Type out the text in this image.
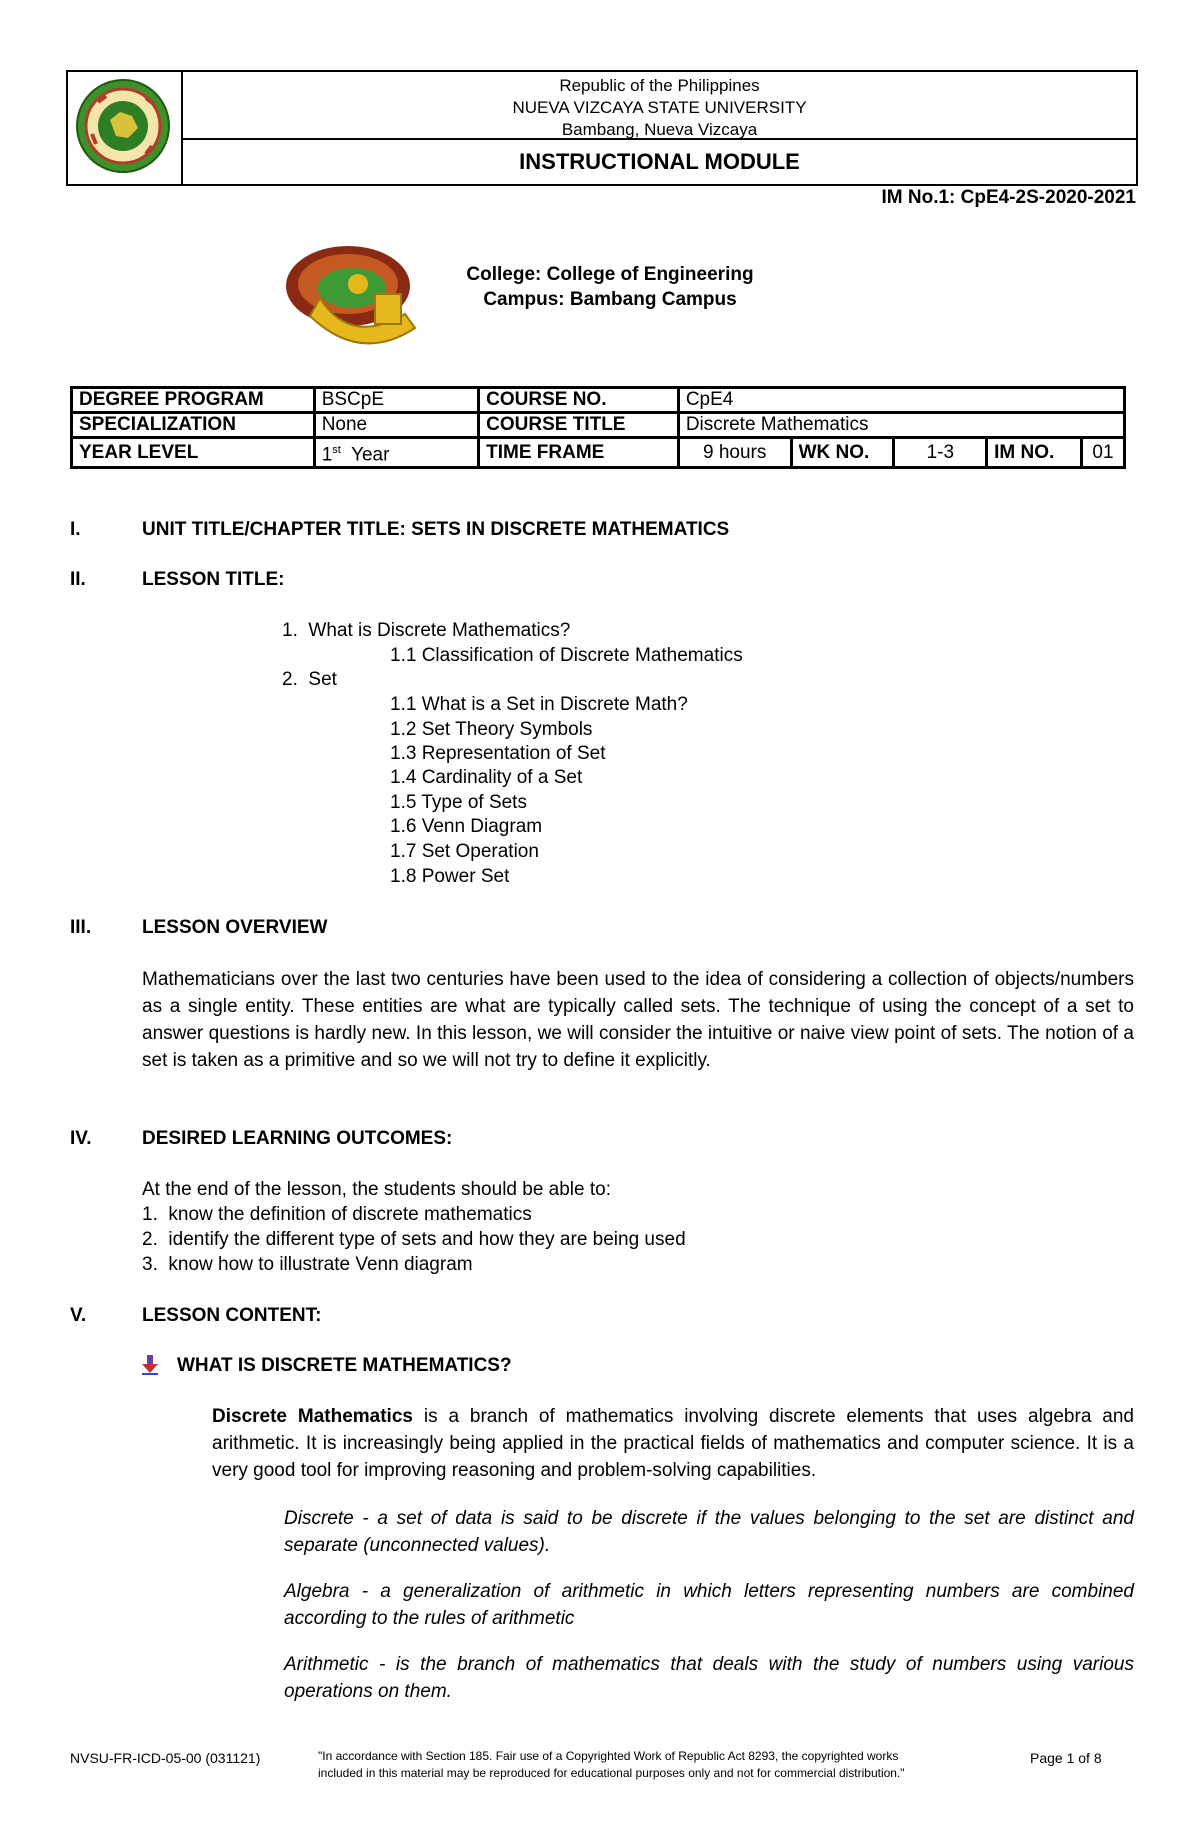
Republic of the Philippines
NUEVA VIZCAYA STATE UNIVERSITY
Bambang, Nueva Vizcaya
INSTRUCTIONAL MODULE
IM No.1: CpE4-2S-2020-2021
College: College of Engineering
Campus: Bambang Campus
DEGREE PROGRAM	BSCpE	COURSE NO.	CpE4				
SPECIALIZATION	None	COURSE TITLE	Discrete Mathematics				
YEAR LEVEL	1st Year	TIME FRAME	9 hours	WK NO.	1-3	IM NO.	01
I.	UNIT TITLE/CHAPTER TITLE: SETS IN DISCRETE MATHEMATICS
II.	LESSON TITLE:
1. What is Discrete Mathematics?
1.1 Classification of Discrete Mathematics
2. Set
1.1 What is a Set in Discrete Math?
1.2 Set Theory Symbols
1.3 Representation of Set
1.4 Cardinality of a Set
1.5 Type of Sets
1.6 Venn Diagram
1.7 Set Operation
1.8 Power Set
III.	LESSON OVERVIEW
Mathematicians over the last two centuries have been used to the idea of considering a collection of objects/numbers as a single entity. These entities are what are typically called sets. The technique of using the concept of a set to answer questions is hardly new. In this lesson, we will consider the intuitive or naive view point of sets. The notion of a set is taken as a primitive and so we will not try to define it explicitly.
IV.	DESIRED LEARNING OUTCOMES:
At the end of the lesson, the students should be able to:
1. know the definition of discrete mathematics
2. identify the different type of sets and how they are being used
3. know how to illustrate Venn diagram
V.	LESSON CONTENT:
WHAT IS DISCRETE MATHEMATICS?
Discrete Mathematics is a branch of mathematics involving discrete elements that uses algebra and arithmetic. It is increasingly being applied in the practical fields of mathematics and computer science. It is a very good tool for improving reasoning and problem-solving capabilities.
Discrete - a set of data is said to be discrete if the values belonging to the set are distinct and separate (unconnected values).
Algebra - a generalization of arithmetic in which letters representing numbers are combined according to the rules of arithmetic
Arithmetic - is the branch of mathematics that deals with the study of numbers using various operations on them.
NVSU-FR-ICD-05-00 (031121)	"In accordance with Section 185. Fair use of a Copyrighted Work of Republic Act 8293, the copyrighted works
included in this material may be reproduced for educational purposes only and not for commercial distribution."
Page 1 of 8
